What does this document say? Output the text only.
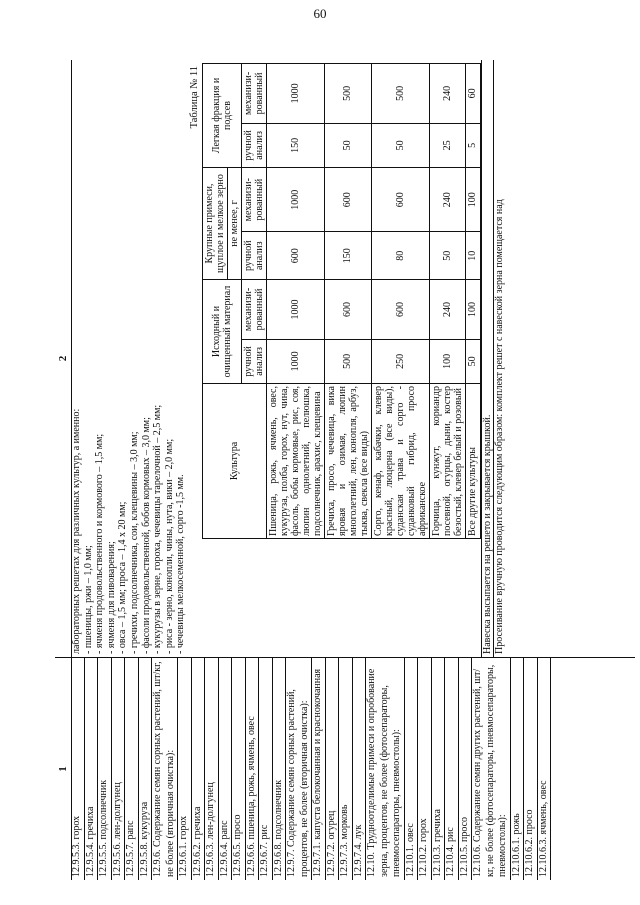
60
1
2
12.9.5.3. горох 12.9.5.4. гречиха 12.9.5.5. подсолнечник 12.9.5.6. лен-долгунец 12.9.5.7. рапс 12.9.5.8. кукуруза 12.9.6. Содержание семян сорных растений, шт/кг, не более (вторичная очистка): 12.9.6.1. горох 12.9.6.2. гречиха 12.9.6.3. лен-долгунец 12.9.6.4. рапс 12.9.6.5. просо 12.9.6.6. пшеница, рожь, ячмень, овес 12.9.6.7. рис 12.9.6.8. подсолнечник 12.9.7. Содержание семян сорных растений, процентов, не более (вторичная очистка): 12.9.7.1. капуста белокочанная и краснокочанная 12.9.7.2. огурец 12.9.7.3. морковь 12.9.7.4. лук 12.10. Трудноотделимые примеси и опробование зерна, процентов, не более (фотосепараторы, пневмосепараторы, пневмостолы): 12.10.1. овес 12.10.2. горох 12.10.3. гречиха 12.10.4. рис 12.10.5. просо 12.10.6. Содержание семян других растений, шт/кг, не более (фотосепараторы, пневмосепараторы, пневмостолы): 12.10.6.1. рожь 12.10.6.2. просо 12.10.6.3. ячмень, овес
лабораторных решетах для различных культур, а именно: - пшеницы, ржи – 1,0 мм; - ячменя продовольственного и кормового – 1,5 мм; - ячменя для пивоварения; - овса – 1,5 мм; проса – 1,4 x 20 мм; - гречихи, подсолнечника, сои, клещевины – 3,0 мм; - фасоли продовольственной, бобов кормовых – 3,0 мм; - кукурузы в зерне, гороха, чечевицы тарелочной – 2,5 мм; - риса - зерно, конопли, чины, нута, вики – 2,0 мм; - чечевицы мелкосеменной, сорго -1,5 мм.
Таблица № 11
Культура	Исходный и очищенный материал		Крупные примеси, щуплое и мелкое зерно		Легкая фракция и подсев	
			не менее, г			
	ручной анализ	механизи-рованный	ручной анализ	механизи-рованный	ручной анализ	механизи-рованный
Пшеница, рожь, ячмень, овес, кукуруза, полба, горох, нут, чина, фасоль, бобы кормовые, рис, соя, люпин однолетний, пелюшка, подсолнечник, арахис, клещевина	1000	1000	600	1000	150	1000
Гречиха, просо, чечевица, вика яровая и озимая, люпин многолетний, лен, конопля, арбуз, тыква, свекла (все виды)	500	600	150	600	50	500
Сорго, кенаф, кабачки, клевер красный, люцерна (все виды), суданская трава и сорго - суданковый гибрид, просо африканское	250	600	80	600	50	500
Горчица, кунжут, кориандр посевной, огурцы, дыни, костер безостый, клевер белый и розовый	100	240	50	240	25	240
Все другие культуры	50	100	10	100	5	60
Навеска высыпается на решето и закрывается крышкой. Просеивание вручную проводится следующим образом: комплект решет с навеской зерна помещается над
